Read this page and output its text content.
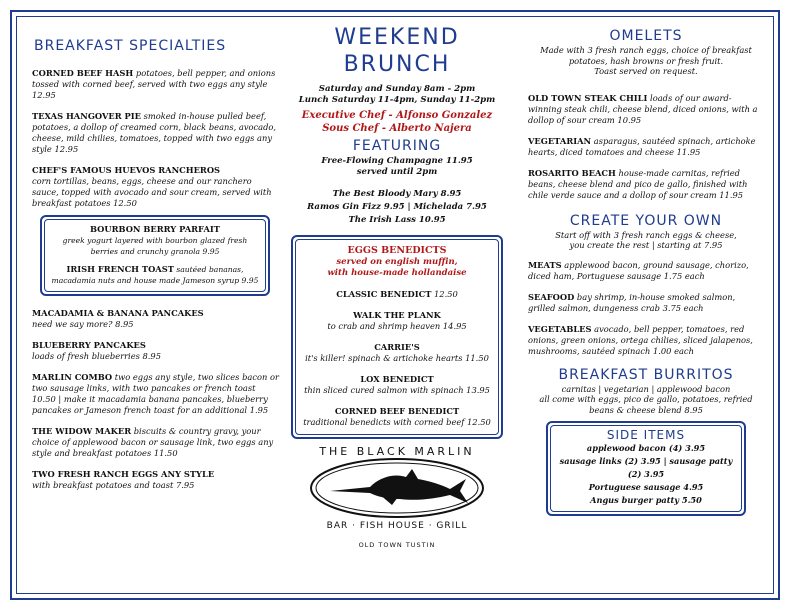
BREAKFAST SPECIALTIES
CORNED BEEF HASH potatoes, bell pepper, and onions tossed with corned beef, served with two eggs any style 12.95
TEXAS HANGOVER PIE smoked in-house pulled beef, potatoes, a dollop of creamed corn, black beans, avocado, cheese, mild chilies, tomatoes, topped with two eggs any style 12.95
CHEF'S FAMOUS HUEVOS RANCHEROS
corn tortillas, beans, eggs, cheese and our ranchero sauce, topped with avocado and sour cream, served with breakfast potatoes 12.50
BOURBON BERRY PARFAIT
greek yogurt layered with bourbon glazed fresh berries and crunchy granola 9.95
IRISH FRENCH TOAST sautéed bananas, macadamia nuts and house made Jameson syrup 9.95
MACADAMIA & BANANA PANCAKES
need we say more? 8.95
BLUEBERRY PANCAKES
loads of fresh blueberries 8.95
MARLIN COMBO two eggs any style, two slices bacon or two sausage links, with two pancakes or french toast 10.50 | make it macadamia banana pancakes, blueberry pancakes or Jameson french toast for an additional 1.95
THE WIDOW MAKER biscuits & country gravy, your choice of applewood bacon or sausage link, two eggs any style and breakfast potatoes 11.50
TWO FRESH RANCH EGGS ANY STYLE
with breakfast potatoes and toast 7.95
WEEKEND
BRUNCH
Saturday and Sunday 8am - 2pm
Lunch Saturday 11-4pm, Sunday 11-2pm
Executive Chef - Alfonso Gonzalez
Sous Chef - Alberto Najera
FEATURING
Free-Flowing Champagne 11.95
served until 2pm
The Best Bloody Mary 8.95
Ramos Gin Fizz 9.95 | Michelada 7.95
The Irish Lass 10.95
EGGS BENEDICTS
served on english muffin,
with house-made hollandaise
CLASSIC BENEDICT 12.50
WALK THE PLANK
to crab and shrimp heaven 14.95
CARRIE'S
it's killer! spinach & artichoke hearts 11.50
LOX BENEDICT
thin sliced cured salmon with spinach 13.95
CORNED BEEF BENEDICT
traditional benedicts with corned beef 12.50
THE BLACK MARLIN
BAR · FISH HOUSE · GRILL
OLD TOWN TUSTIN
OMELETS
Made with 3 fresh ranch eggs, choice of breakfast potatoes, hash browns or fresh fruit.
Toast served on request.
OLD TOWN STEAK CHILI loads of our award-winning steak chili, cheese blend, diced onions, with a dollop of sour cream 10.95
VEGETARIAN asparagus, sautéed spinach, artichoke hearts, diced tomatoes and cheese 11.95
ROSARITO BEACH house-made carnitas, refried beans, cheese blend and pico de gallo, finished with chile verde sauce and a dollop of sour cream 11.95
CREATE YOUR OWN
Start off with 3 fresh ranch eggs & cheese,
you create the rest | starting at 7.95
MEATS applewood bacon, ground sausage, chorizo, diced ham, Portuguese sausage 1.75 each
SEAFOOD bay shrimp, in-house smoked salmon, grilled salmon, dungeness crab 3.75 each
VEGETABLES avocado, bell pepper, tomatoes, red onions, green onions, ortega chilies, sliced jalapenos, mushrooms, sautéed spinach 1.00 each
BREAKFAST BURRITOS
carnitas | vegetarian | applewood bacon
all come with eggs, pico de gallo, potatoes, refried beans & cheese blend 8.95
SIDE ITEMS
applewood bacon (4) 3.95
sausage links (2) 3.95 | sausage patty (2) 3.95
Portuguese sausage 4.95
Angus burger patty 5.50
